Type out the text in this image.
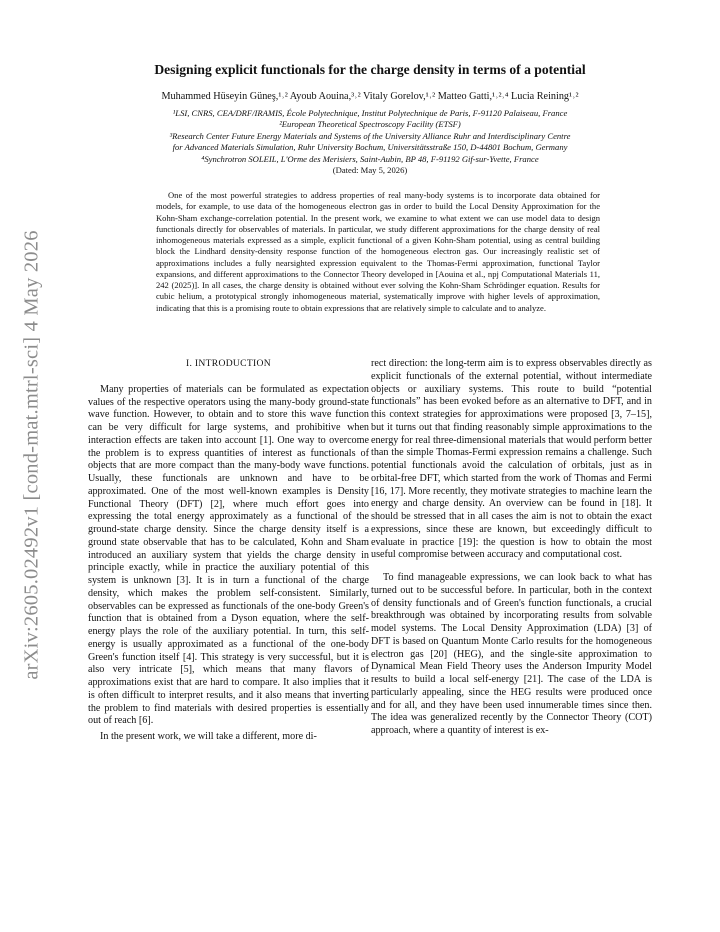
arXiv:2605.02492v1 [cond-mat.mtrl-sci] 4 May 2026
Designing explicit functionals for the charge density in terms of a potential
Muhammed Hüseyin Güneş,¹˒² Ayoub Aouina,³˒² Vitaly Gorelov,¹˒² Matteo Gatti,¹˒²˒⁴ Lucia Reining¹˒²
¹LSI, CNRS, CEA/DRF/IRAMIS, École Polytechnique, Institut Polytechnique de Paris, F-91120 Palaiseau, France
²European Theoretical Spectroscopy Facility (ETSF)
³Research Center Future Energy Materials and Systems of the University Alliance Ruhr and Interdisciplinary Centre
for Advanced Materials Simulation, Ruhr University Bochum, Universitätsstraße 150, D-44801 Bochum, Germany
⁴Synchrotron SOLEIL, L'Orme des Merisiers, Saint-Aubin, BP 48, F-91192 Gif-sur-Yvette, France
(Dated: May 5, 2026)
One of the most powerful strategies to address properties of real many-body systems is to incorporate data obtained for models, for example, to use data of the homogeneous electron gas in order to build the Local Density Approximation for the Kohn-Sham exchange-correlation potential. In the present work, we examine to what extent we can use model data to design functionals directly for observables of materials. In particular, we study different approximations for the charge density of real inhomogeneous materials expressed as a simple, explicit functional of a given Kohn-Sham potential, using as central building block the Lindhard density-density response function of the homogeneous electron gas. Our increasingly realistic set of approximations includes a fully nearsighted expression equivalent to the Thomas-Fermi approximation, functional Taylor expansions, and different approximations to the Connector Theory developed in [Aouina et al., npj Computational Materials 11, 242 (2025)]. In all cases, the charge density is obtained without ever solving the Kohn-Sham Schrödinger equation. Results for cubic helium, a prototypical strongly inhomogeneous material, systematically improve with higher levels of approximation, indicating that this is a promising route to obtain expressions that are relatively simple to calculate and to analyze.
I. INTRODUCTION

Many properties of materials can be formulated as expectation values of the respective operators using the many-body ground-state wave function. However, to obtain and to store this wave function can be very difficult for large systems, and prohibitive when interaction effects are taken into account [1]. One way to overcome the problem is to express quantities of interest as functionals of objects that are more compact than the many-body wave functions. Usually, these functionals are unknown and have to be approximated. One of the most well-known examples is Density Functional Theory (DFT) [2], where much effort goes into expressing the total energy approximately as a functional of the ground-state charge density. Since the charge density itself is a ground state observable that has to be calculated, Kohn and Sham introduced an auxiliary system that yields the charge density in principle exactly, while in practice the auxiliary potential of this system is unknown [3]. It is in turn a functional of the charge density, which makes the problem self-consistent. Similarly, observables can be expressed as functionals of the one-body Green's function that is obtained from a Dyson equation, where the self-energy plays the role of the auxiliary potential. In turn, this self-energy is usually approximated as a functional of the one-body Green's function itself [4]. This strategy is very successful, but it is also very intricate [5], which means that many flavors of approximations exist that are hard to compare. It also implies that it is often difficult to interpret results, and it also means that inverting the problem to find materials with desired properties is essentially out of reach [6].

In the present work, we will take a different, more di-

rect direction: the long-term aim is to express observables directly as explicit functionals of the external potential, without intermediate objects or auxiliary systems. This route to build “potential functionals” has been evoked before as an alternative to DFT, and in this context strategies for approximations were proposed [3, 7–15], but it turns out that finding reasonably simple approximations to the energy for real three-dimensional materials that would perform better than the simple Thomas-Fermi expression remains a challenge. Such potential functionals avoid the calculation of orbitals, just as in orbital-free DFT, which started from the work of Thomas and Fermi [16, 17]. More recently, they motivate strategies to machine learn the energy and charge density. An overview can be found in [18]. It should be stressed that in all cases the aim is not to obtain the exact expressions, since these are known, but exceedingly difficult to evaluate in practice [19]: the question is how to obtain the most useful compromise between accuracy and computational cost.

To find manageable expressions, we can look back to what has turned out to be successful before. In particular, both in the context of density functionals and of Green's function functionals, a crucial breakthrough was obtained by incorporating results from solvable model systems. The Local Density Approximation (LDA) [3] of DFT is based on Quantum Monte Carlo results for the homogeneous electron gas [20] (HEG), and the single-site approximation to Dynamical Mean Field Theory uses the Anderson Impurity Model results to build a local self-energy [21]. The case of the LDA is particularly appealing, since the HEG results were produced once and for all, and they have been used innumerable times since then. The idea was generalized recently by the Connector Theory (COT) approach, where a quantity of interest is ex-
